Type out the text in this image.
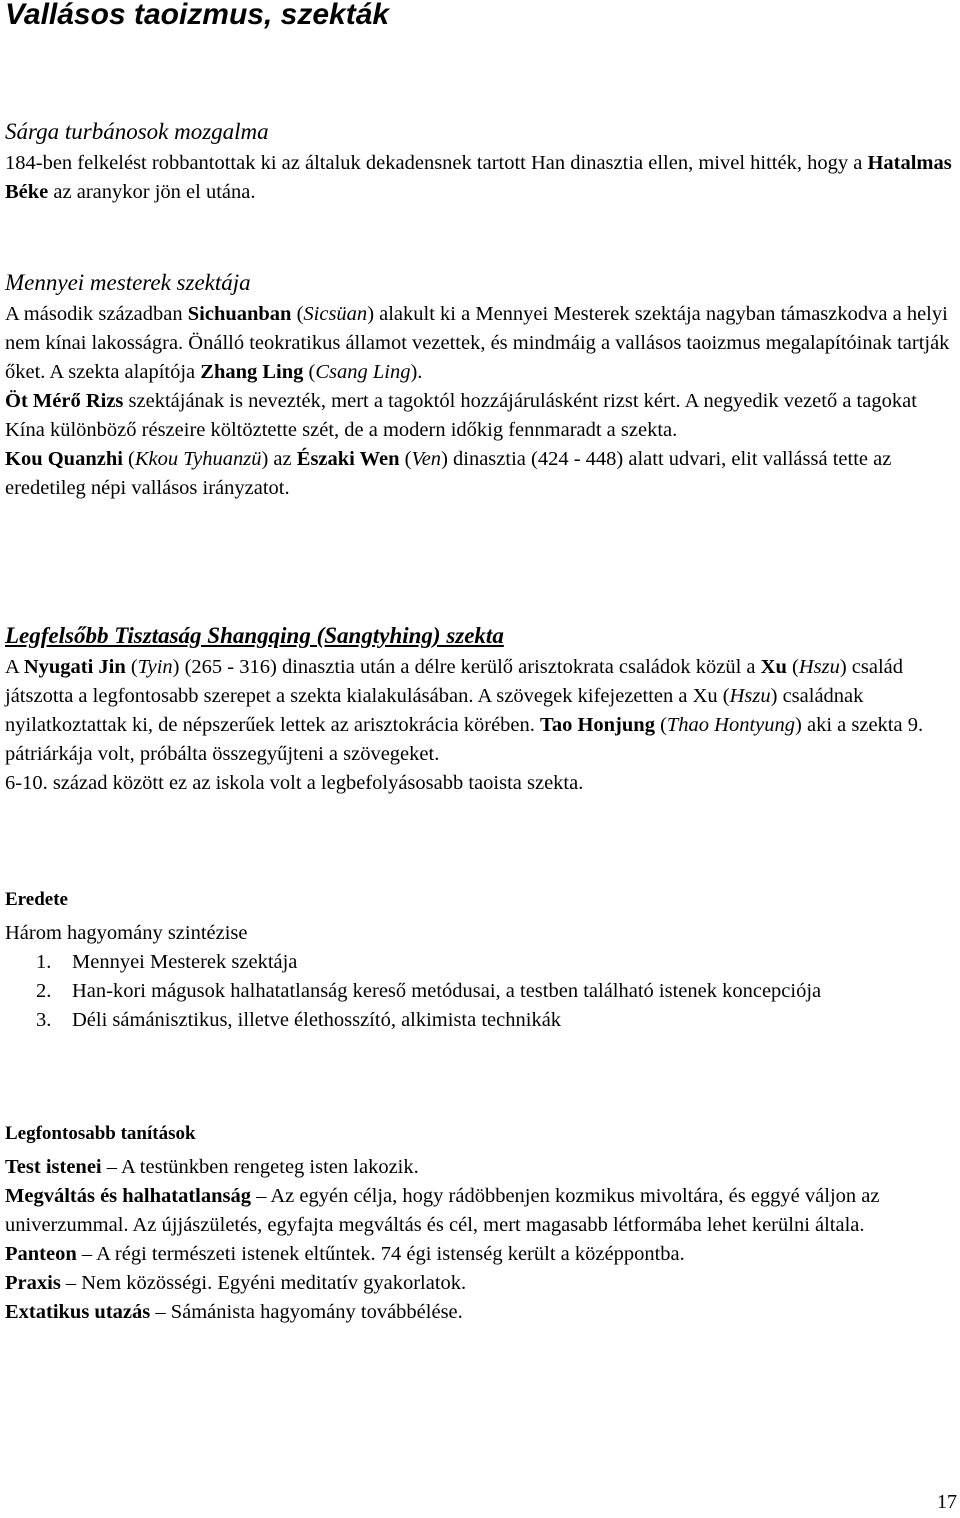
Vallásos taoizmus, szekták
Sárga turbánosok mozgalma

184-ben felkelést robbantottak ki az általuk dekadensnek tartott Han dinasztia ellen, mivel hitték, hogy a Hatalmas Béke az aranykor jön el utána.

Mennyei mesterek szektája

A második században Sichuanban (Sicsüan) alakult ki a Mennyei Mesterek szektája nagyban támaszkodva a helyi nem kínai lakosságra. Önálló teokratikus államot vezettek, és mindmáig a vallásos taoizmus megalapítóinak tartják őket. A szekta alapítója Zhang Ling (Csang Ling).

Öt Mérő Rizs szektájának is nevezték, mert a tagoktól hozzájárulásként rizst kért. A negyedik vezető a tagokat Kína különböző részeire költöztette szét, de a modern időkig fennmaradt a szekta.

Kou Quanzhi (Kkou Tyhuanzü) az Északi Wen (Ven) dinasztia (424 - 448) alatt udvari, elit vallássá tette az eredetileg népi vallásos irányzatot.

Legfelsőbb Tisztaság Shangqing (Sangtyhing) szekta

A Nyugati Jin (Tyin) (265 - 316) dinasztia után a délre kerülő arisztokrata családok közül a Xu (Hszu) család játszotta a legfontosabb szerepet a szekta kialakulásában. A szövegek kifejezetten a Xu (Hszu) családnak nyilatkoztattak ki, de népszerűek lettek az arisztokrácia körében. Tao Honjung (Thao Hontyung) aki a szekta 9. pátriárkája volt, próbálta összegyűjteni a szövegeket.

6-10. század között ez az iskola volt a legbefolyásosabb taoista szekta.

Eredete

Három hagyomány szintézise

1. Mennyei Mesterek szektája
2. Han-kori mágusok halhatatlanság kereső metódusai, a testben található istenek koncepciója
3. Déli sámánisztikus, illetve élethosszító, alkimista technikák
Legfontosabb tanítások

Test istenei – A testünkben rengeteg isten lakozik.

Megváltás és halhatatlanság – Az egyén célja, hogy rádöbbenjen kozmikus mivoltára, és eggyé váljon az univerzummal. Az újjászületés, egyfajta megváltás és cél, mert magasabb létformába lehet kerülni általa.

Panteon – A régi természeti istenek eltűntek. 74 égi istenség került a középpontba.

Praxis – Nem közösségi. Egyéni meditatív gyakorlatok.

Extatikus utazás – Sámánista hagyomány továbbélése.

17
